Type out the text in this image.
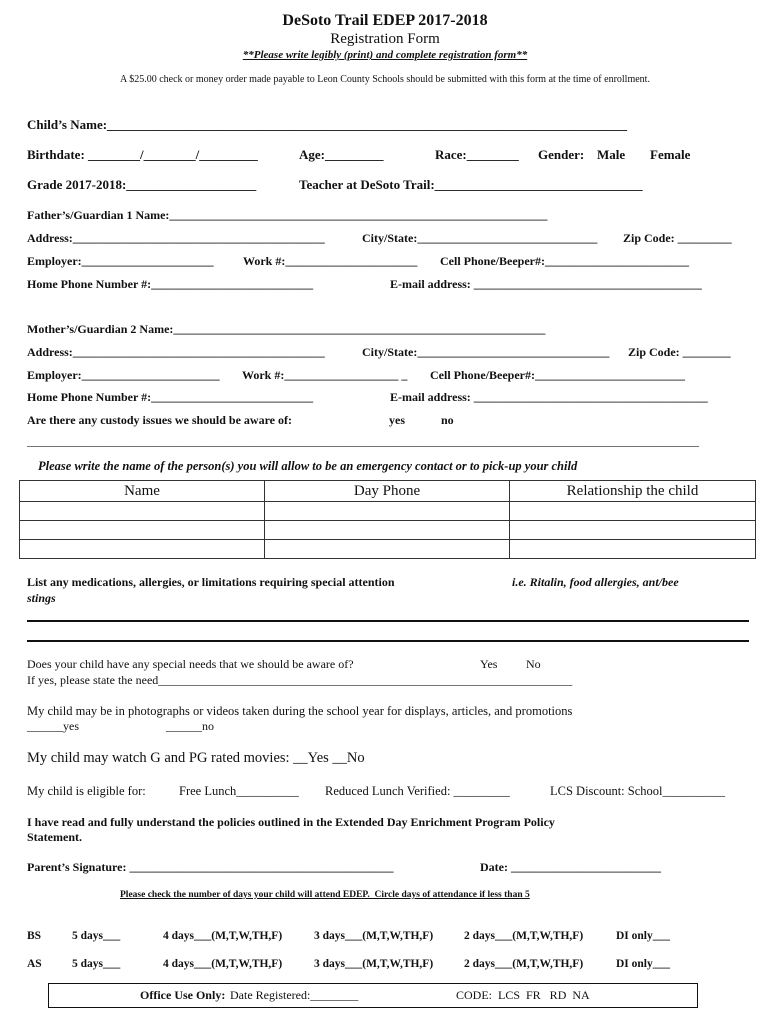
DeSoto Trail EDEP 2017-2018
Registration Form
**Please write legibly (print) and complete registration form**
A $25.00 check or money order made payable to Leon County Schools should be submitted with this form at the time of enrollment.
Child’s Name:________________________________________________________________________________
Birthdate: ________/________/_________	Age:_________	Race:________ Gender: Male Female
Grade 2017-2018:____________________	Teacher at DeSoto Trail:________________________________
Father’s/Guardian 1 Name:_______________________________________________________________
Address:__________________________________________	City/State:______________________________ Zip Code: _________
Employer:______________________ Work #:______________________ Cell Phone/Beeper#:________________________
Home Phone Number #:___________________________	E-mail address: ______________________________________
Mother’s/Guardian 2 Name:______________________________________________________________
Address:__________________________________________	City/State:________________________________ Zip Code: ________
Employer:_______________________ Work #:___________________ _ Cell Phone/Beeper#:_________________________
Home Phone Number #:___________________________	E-mail address: _______________________________________
Are there any custody issues we should be aware of:	yes	no
________________________________________________________________________________________________________________
Please write the name of the person(s) you will allow to be an emergency contact or to pick-up your child
Name	Day Phone	Relationship the child

List any medications, allergies, or limitations requiring special attention	i.e. Ritalin, food allergies, ant/bee
stings
Does your child have any special needs that we should be aware of?	Yes No
If yes, please state the need_____________________________________________________________________
My child may be in photographs or videos taken during the school year for displays, articles, and promotions
______yes	______no
My child may watch G and PG rated movies: __Yes __No
My child is eligible for:	Free Lunch__________ Reduced Lunch Verified: _________	LCS Discount: School__________
I have read and fully understand the policies outlined in the Extended Day Enrichment Program Policy
Statement.
Parent’s Signature: ____________________________________________	Date: _________________________
Please check the number of days your child will attend EDEP.  Circle days of attendance if less than 5
BS	5 days___	4 days___(M,T,W,TH,F)	3 days___(M,T,W,TH,F)	2 days___(M,T,W,TH,F)	DI only___
AS	5 days___	4 days___(M,T,W,TH,F)	3 days___(M,T,W,TH,F)	2 days___(M,T,W,TH,F)	DI only___
Office Use Only: Date Registered:________	CODE:  LCS  FR   RD  NA
